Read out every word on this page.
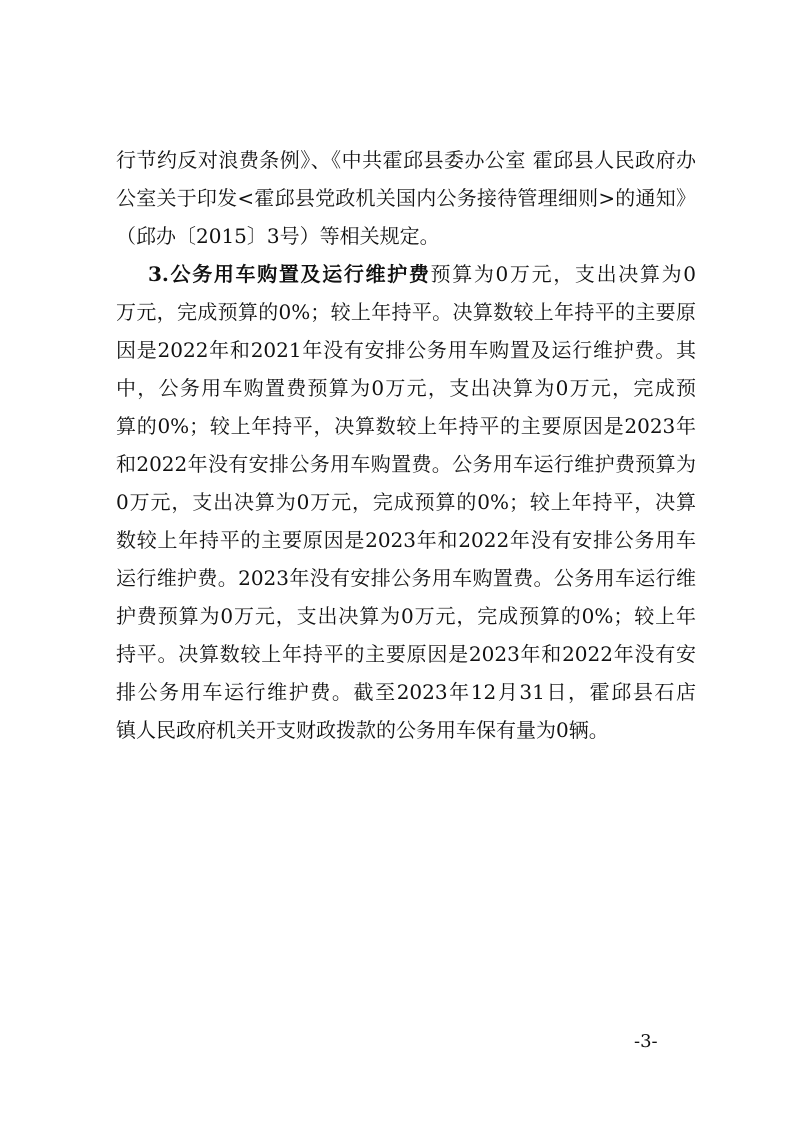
行节约反对浪费条例》、《中共霍邱县委办公室 霍邱县人民政府办
公室关于印发<霍邱县党政机关国内公务接待管理细则>的通知》
（邱办〔2015〕3号）等相关规定。
3.公务用车购置及运行维护费预算为0万元，支出决算为0
万元，完成预算的0%；较上年持平。决算数较上年持平的主要原
因是2022年和2021年没有安排公务用车购置及运行维护费。其
中，公务用车购置费预算为0万元，支出决算为0万元，完成预
算的0%；较上年持平，决算数较上年持平的主要原因是2023年
和2022年没有安排公务用车购置费。公务用车运行维护费预算为
0万元，支出决算为0万元，完成预算的0%；较上年持平，决算
数较上年持平的主要原因是2023年和2022年没有安排公务用车
运行维护费。2023年没有安排公务用车购置费。公务用车运行维
护费预算为0万元，支出决算为0万元，完成预算的0%；较上年
持平。决算数较上年持平的主要原因是2023年和2022年没有安
排公务用车运行维护费。截至2023年12月31日，霍邱县石店
镇人民政府机关开支财政拨款的公务用车保有量为0辆。
-3-
